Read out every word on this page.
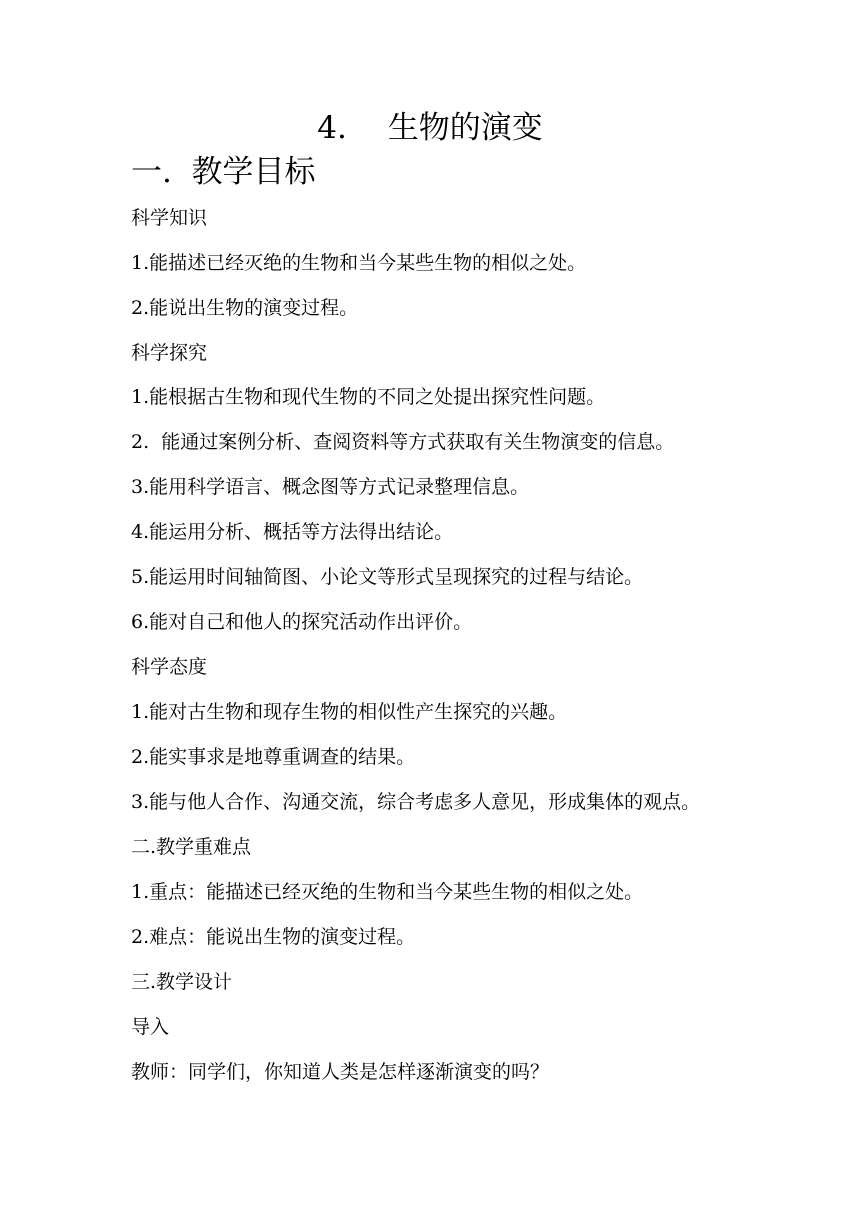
4.　 生物的演变
一.  教学目标
科学知识
1.能描述已经灭绝的生物和当今某些生物的相似之处。
2.能说出生物的演变过程。
科学探究
1.能根据古生物和现代生物的不同之处提出探究性问题。
2.  能通过案例分析、查阅资料等方式获取有关生物演变的信息。
3.能用科学语言、概念图等方式记录整理信息。
4.能运用分析、概括等方法得出结论。
5.能运用时间轴简图、小论文等形式呈现探究的过程与结论。
6.能对自己和他人的探究活动作出评价。
科学态度
1.能对古生物和现存生物的相似性产生探究的兴趣。
2.能实事求是地尊重调查的结果。
3.能与他人合作、沟通交流，综合考虑多人意见，形成集体的观点。
二.教学重难点
1.重点：能描述已经灭绝的生物和当今某些生物的相似之处。
2.难点：能说出生物的演变过程。
三.教学设计
导入
教师：同学们，你知道人类是怎样逐渐演变的吗？
